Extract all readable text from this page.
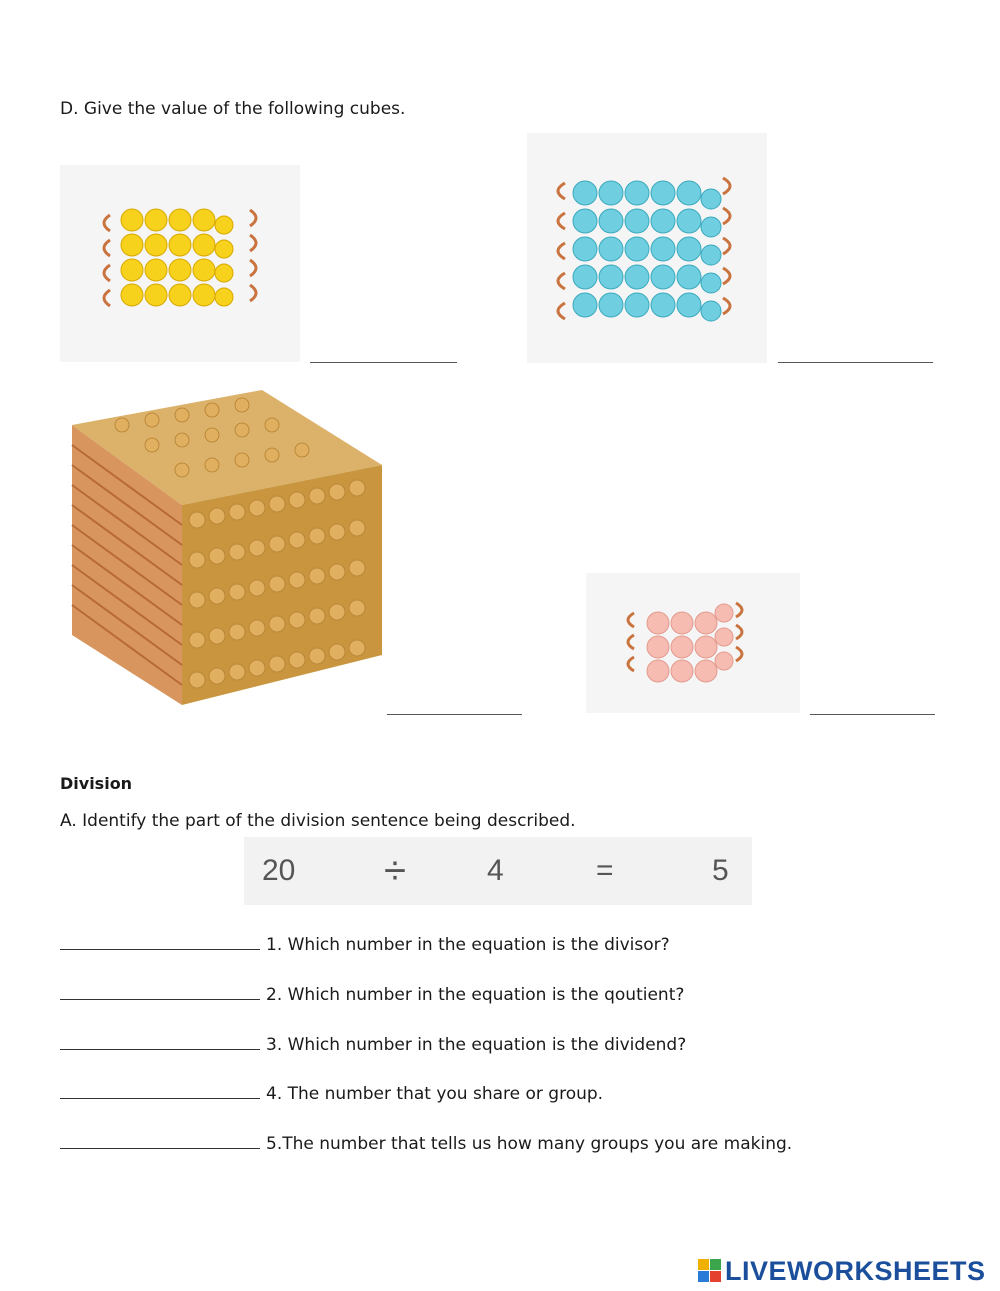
D. Give the value of the following cubes.
Division
A. Identify the part of the division sentence being described.
20 ÷	4	=	5
1. Which number in the equation is the divisor?
2. Which number in the equation is the qoutient?
3. Which number in the equation is the dividend?
4. The number that you share or group.
5.The number that tells us how many groups you are making.
LIVEWORKSHEETS
